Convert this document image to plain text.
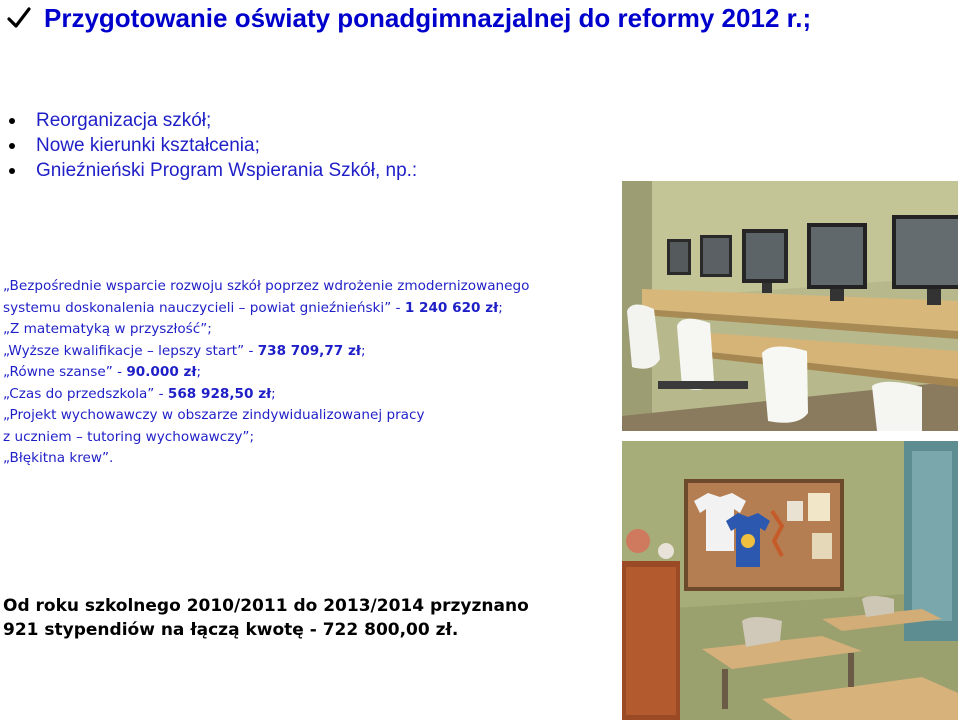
Przygotowanie oświaty ponadgimnazjalnej do reformy 2012 r.;
Reorganizacja szkół;
Nowe kierunki kształcenia;
Gnieźnieński Program Wspierania Szkół, np.:
„Bezpośrednie wsparcie rozwoju szkół poprzez wdrożenie zmodernizowanego
systemu doskonalenia nauczycieli – powiat gnieźnieński” - 1 240 620 zł;
„Z matematyką w przyszłość”;
„Wyższe kwalifikacje – lepszy start” - 738 709,77 zł;
„Równe szanse” - 90.000 zł;
„Czas do przedszkola” - 568 928,50 zł;
„Projekt wychowawczy w obszarze zindywidualizowanej pracy
z uczniem – tutoring wychowawczy”;
„Błękitna krew”.
Od roku szkolnego 2010/2011 do 2013/2014 przyznano
921 stypendiów na łączą kwotę - 722 800,00 zł.
